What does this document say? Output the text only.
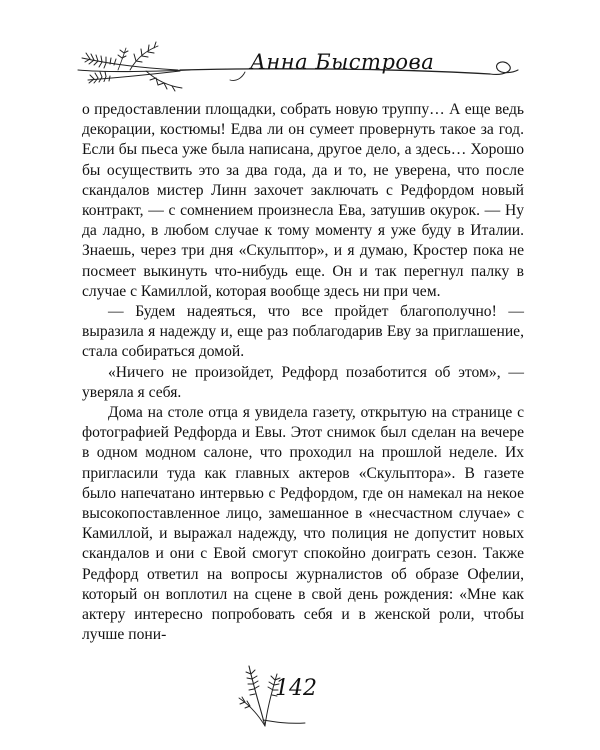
Анна Быстрова

о предоставлении площадки, собрать новую труппу… А еще ведь декорации, костюмы! Едва ли он сумеет провернуть такое за год. Если бы пьеса уже была написана, другое дело, а здесь… Хорошо бы осуществить это за два года, да и то, не уверена, что после скандалов мистер Линн захочет заключать с Редфордом новый контракт, — с сомнением произнесла Ева, затушив окурок. — Ну да ладно, в любом случае к тому моменту я уже буду в Италии. Знаешь, через три дня «Скульптор», и я думаю, Кростер пока не посмеет выкинуть что-нибудь еще. Он и так перегнул палку в случае с Камиллой, которая вообще здесь ни при чем.

— Будем надеяться, что все пройдет благополучно! — выразила я надежду и, еще раз поблагодарив Еву за приглашение, стала собираться домой.

«Ничего не произойдет, Редфорд позаботится об этом», — уверяла я себя.

Дома на столе отца я увидела газету, открытую на странице с фотографией Редфорда и Евы. Этот снимок был сделан на вечере в одном модном салоне, что проходил на прошлой неделе. Их пригласили туда как главных актеров «Скульптора». В газете было напечатано интервью с Редфордом, где он намекал на некое высокопоставленное лицо, замешанное в «несчастном случае» с Камиллой, и выражал надежду, что полиция не допустит новых скандалов и они с Евой смогут спокойно доиграть сезон. Также Редфорд ответил на вопросы журналистов об образе Офелии, который он воплотил на сцене в свой день рождения: «Мне как актеру интересно попробовать себя и в женской роли, чтобы лучше пони-

142
